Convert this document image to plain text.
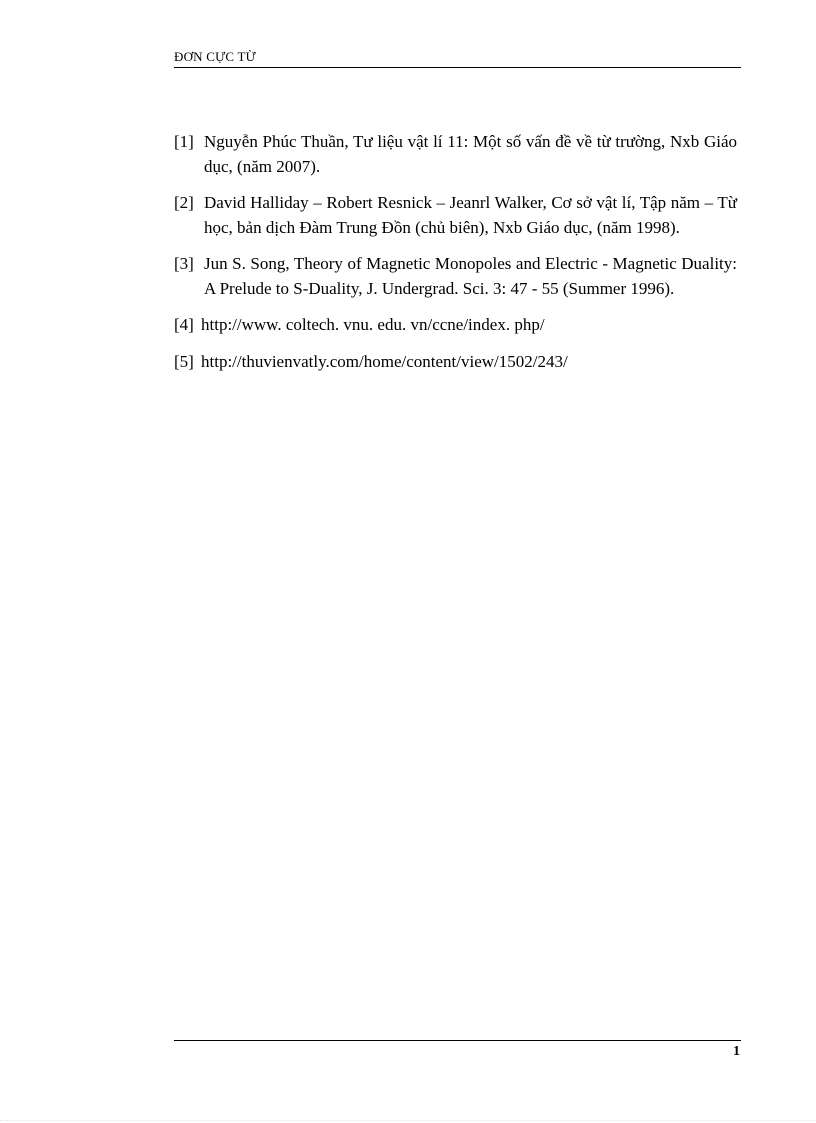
ĐƠN CỰC TỪ
[1] Nguyễn Phúc Thuần, Tư liệu vật lí 11: Một số vấn đề về từ trường, Nxb Giáo dục, (năm 2007).
[2] David Halliday – Robert Resnick – Jeanrl Walker, Cơ sở vật lí, Tập năm – Từ học, bản dịch Đàm Trung Đồn (chủ biên), Nxb Giáo dục, (năm 1998).
[3] Jun S. Song, Theory of Magnetic Monopoles and Electric - Magnetic Duality: A Prelude to S-Duality, J. Undergrad. Sci. 3: 47 - 55 (Summer 1996).
[4] http://www. coltech. vnu. edu. vn/ccne/index. php/
[5] http://thuvienvatly.com/home/content/view/1502/243/
1
